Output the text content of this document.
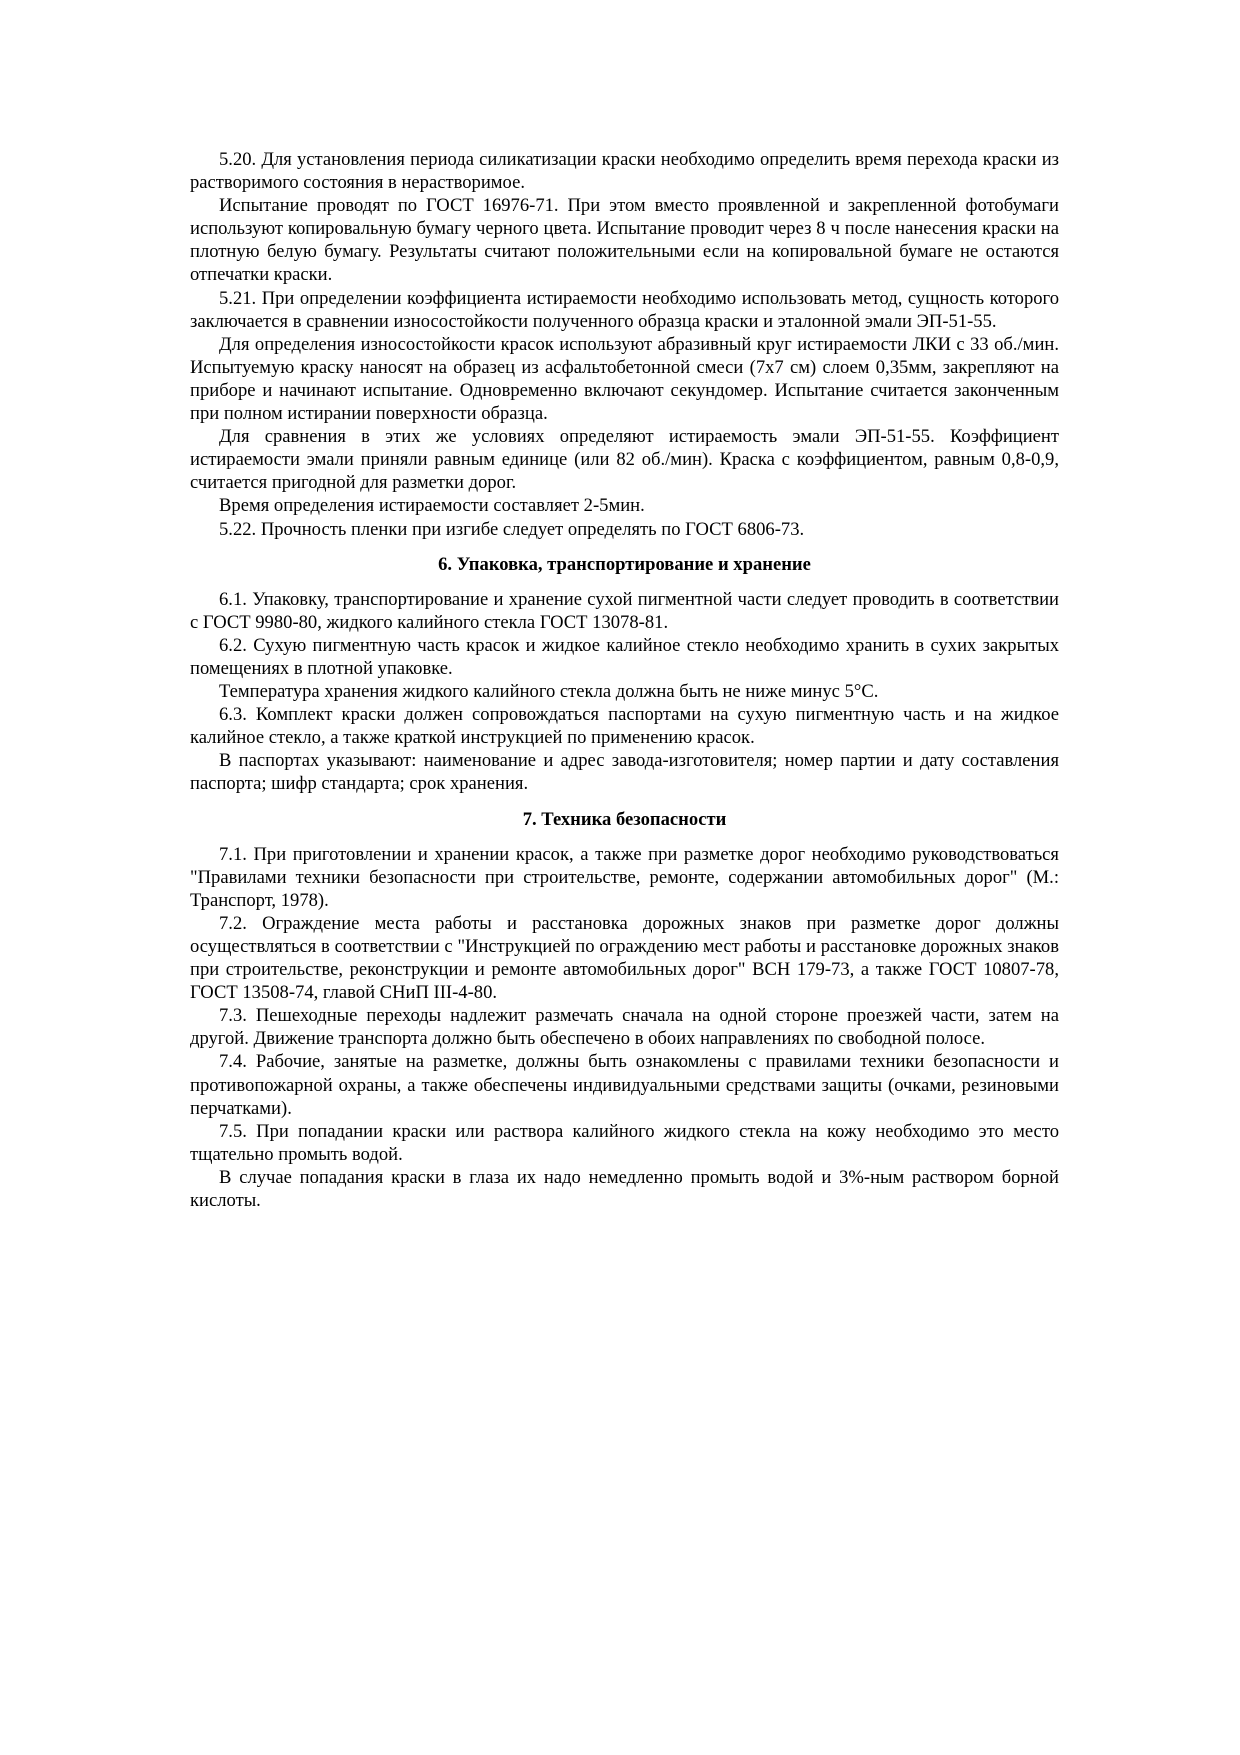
5.20. Для установления периода силикатизации краски необходимо определить время перехода краски из растворимого состояния в нерастворимое.

Испытание проводят по ГОСТ 16976-71. При этом вместо проявленной и закрепленной фотобумаги используют копировальную бумагу черного цвета. Испытание проводит через 8 ч после нанесения краски на плотную белую бумагу. Результаты считают положительными если на копировальной бумаге не остаются отпечатки краски.

5.21. При определении коэффициента истираемости необходимо использовать метод, сущность которого заключается в сравнении износостойкости полученного образца краски и эталонной эмали ЭП-51-55.

Для определения износостойкости красок используют абразивный круг истираемости ЛКИ с 33 об./мин. Испытуемую краску наносят на образец из асфальтобетонной смеси (7х7 см) слоем 0,35мм, закрепляют на приборе и начинают испытание. Одновременно включают секундомер. Испытание считается законченным при полном истирании поверхности образца.

Для сравнения в этих же условиях определяют истираемость эмали ЭП-51-55. Коэффициент истираемости эмали приняли равным единице (или 82 об./мин). Краска с коэффициентом, равным 0,8-0,9, считается пригодной для разметки дорог.

Время определения истираемости составляет 2-5мин.

5.22. Прочность пленки при изгибе следует определять по ГОСТ 6806-73.

6. Упаковка, транспортирование и хранение

6.1. Упаковку, транспортирование и хранение сухой пигментной части следует проводить в соответствии с ГОСТ 9980-80, жидкого калийного стекла ГОСТ 13078-81.

6.2. Сухую пигментную часть красок и жидкое калийное стекло необходимо хранить в сухих закрытых помещениях в плотной упаковке.

Температура хранения жидкого калийного стекла должна быть не ниже минус 5°С.

6.3. Комплект краски должен сопровождаться паспортами на сухую пигментную часть и на жидкое калийное стекло, а также краткой инструкцией по применению красок.

В паспортах указывают: наименование и адрес завода-изготовителя; номер партии и дату составления паспорта; шифр стандарта; срок хранения.

7. Техника безопасности

7.1. При приготовлении и хранении красок, а также при разметке дорог необходимо руководствоваться "Правилами техники безопасности при строительстве, ремонте, содержании автомобильных дорог" (М.: Транспорт, 1978).

7.2. Ограждение места работы и расстановка дорожных знаков при разметке дорог должны осуществляться в соответствии с "Инструкцией по ограждению мест работы и расстановке дорожных знаков при строительстве, реконструкции и ремонте автомобильных дорог" ВСН 179-73, а также ГОСТ 10807-78, ГОСТ 13508-74, главой СНиП III-4-80.

7.3. Пешеходные переходы надлежит размечать сначала на одной стороне проезжей части, затем на другой. Движение транспорта должно быть обеспечено в обоих направлениях по свободной полосе.

7.4. Рабочие, занятые на разметке, должны быть ознакомлены с правилами техники безопасности и противопожарной охраны, а также обеспечены индивидуальными средствами защиты (очками, резиновыми перчатками).

7.5. При попадании краски или раствора калийного жидкого стекла на кожу необходимо это место тщательно промыть водой.

В случае попадания краски в глаза их надо немедленно промыть водой и 3%-ным раствором борной кислоты.
